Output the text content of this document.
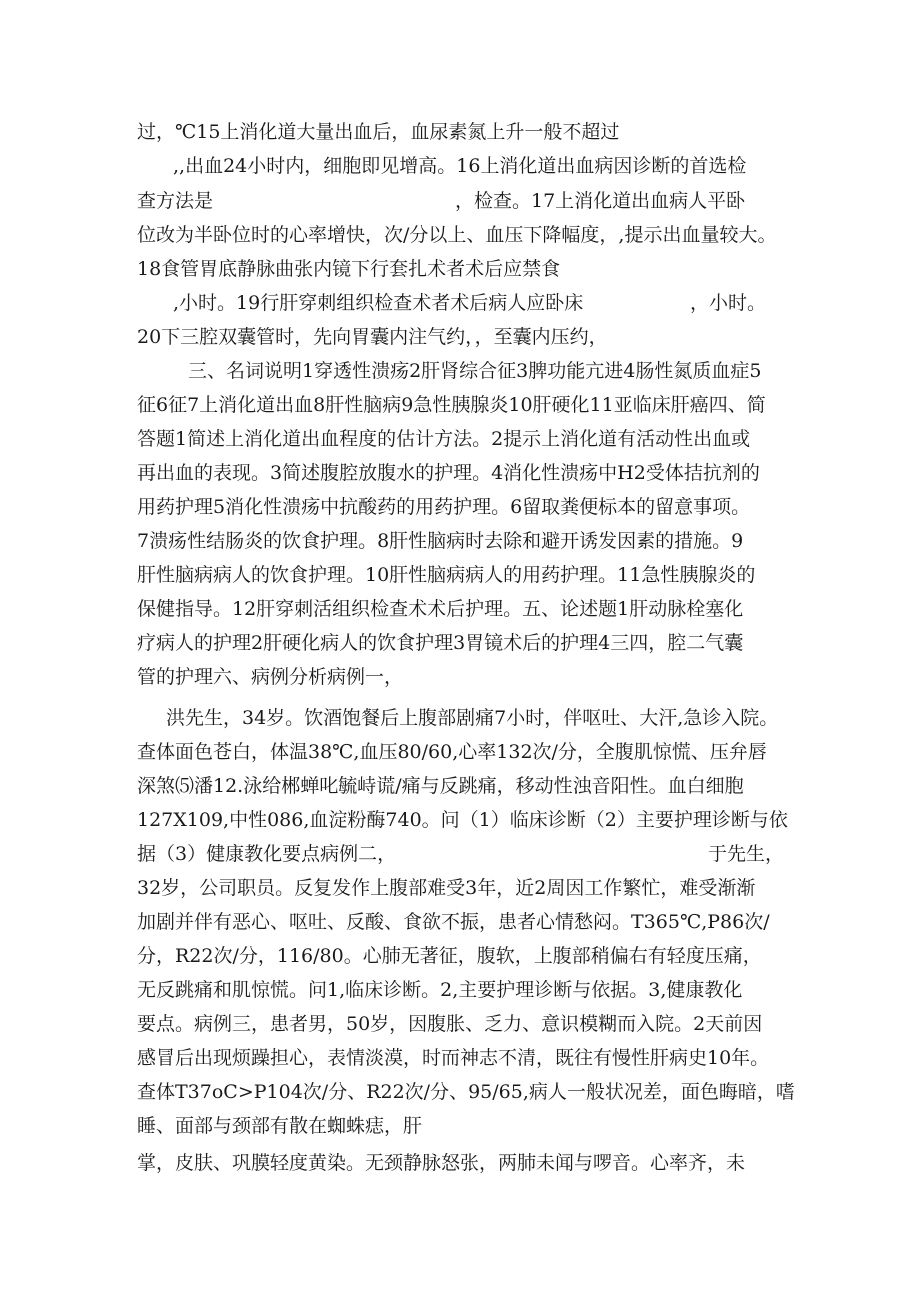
过，℃15上消化道大量出血后，血尿素氮上升一般不超过
,,出血24小时内，细胞即见增高。16上消化道出血病因诊断的首选检
查方法是	，检查。17上消化道出血病人平卧
位改为半卧位时的心率增快，次/分以上、血压下降幅度，,提示出血量较大。
18食管胃底静脉曲张内镜下行套扎术者术后应禁食
,小时。19行肝穿刺组织检查术者术后病人应卧床	，小时。
20下三腔双囊管时，先向胃囊内注气约，，至囊内压约，
三、名词说明1穿透性溃疡2肝肾综合征3脾功能亢进4肠性氮质血症5
征6征7上消化道出血8肝性脑病9急性胰腺炎10肝硬化11亚临床肝癌四、简
答题1简述上消化道出血程度的估计方法。2提示上消化道有活动性出血或
再出血的表现。3简述腹腔放腹水的护理。4消化性溃疡中H2受体拮抗剂的
用药护理5消化性溃疡中抗酸药的用药护理。6留取粪便标本的留意事项。
7溃疡性结肠炎的饮食护理。8肝性脑病时去除和避开诱发因素的措施。9
肝性脑病病人的饮食护理。10肝性脑病病人的用药护理。11急性胰腺炎的
保健指导。12肝穿刺活组织检查术术后护理。五、论述题1肝动脉栓塞化
疗病人的护理2肝硬化病人的饮食护理3胃镜术后的护理4三四，腔二气囊
管的护理六、病例分析病例一，
洪先生，34岁。饮酒饱餐后上腹部剧痛7小时，伴呕吐、大汗,急诊入院。
查体面色苍白，体温38℃,血压80/60,心率132次/分，全腹肌惊慌、压弁唇
深煞⑸潘12.泳给郴蝉叱毓峙谎/痛与反跳痛，移动性浊音阳性。血白细胞
127X109,中性086,血淀粉酶740。问（1）临床诊断（2）主要护理诊断与依
据（3）健康教化要点病例二，	于先生，
32岁，公司职员。反复发作上腹部难受3年，近2周因工作繁忙，难受渐渐
加剧并伴有恶心、呕吐、反酸、食欲不振，患者心情愁闷。T365℃,P86次/
分，R22次/分，116/80。心肺无著征，腹软，上腹部稍偏右有轻度压痛，
无反跳痛和肌惊慌。问1,临床诊断。2,主要护理诊断与依据。3,健康教化
要点。病例三，患者男，50岁，因腹胀、乏力、意识模糊而入院。2天前因
感冒后出现烦躁担心，表情淡漠，时而神志不清，既往有慢性肝病史10年。
查体T37oC>P104次/分、R22次/分、95/65,病人一般状况差，面色晦暗，嗜
睡、面部与颈部有散在蜘蛛痣，肝
掌，皮肤、巩膜轻度黄染。无颈静脉怒张，两肺未闻与啰音。心率齐，未
